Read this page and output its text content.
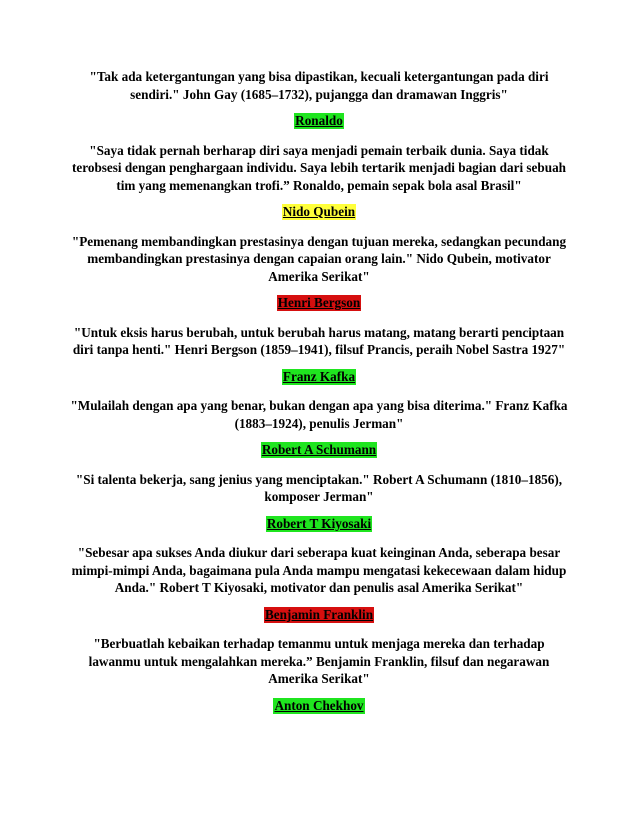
"Tak ada ketergantungan yang bisa dipastikan, kecuali ketergantungan pada diri sendiri." John Gay (1685–1732), pujangga dan dramawan Inggris"

Ronaldo

"Saya tidak pernah berharap diri saya menjadi pemain terbaik dunia. Saya tidak terobsesi dengan penghargaan individu. Saya lebih tertarik menjadi bagian dari sebuah tim yang memenangkan trofi.” Ronaldo, pemain sepak bola asal Brasil"

Nido Qubein

"Pemenang membandingkan prestasinya dengan tujuan mereka, sedangkan pecundang membandingkan prestasinya dengan capaian orang lain." Nido Qubein, motivator Amerika Serikat"

Henri Bergson

"Untuk eksis harus berubah, untuk berubah harus matang, matang berarti penciptaan diri tanpa henti." Henri Bergson (1859–1941), filsuf Prancis, peraih Nobel Sastra 1927"

Franz Kafka

"Mulailah dengan apa yang benar, bukan dengan apa yang bisa diterima." Franz Kafka (1883–1924), penulis Jerman"

Robert A Schumann

"Si talenta bekerja, sang jenius yang menciptakan." Robert A Schumann (1810–1856), komposer Jerman"

Robert T Kiyosaki

"Sebesar apa sukses Anda diukur dari seberapa kuat keinginan Anda, seberapa besar mimpi-mimpi Anda, bagaimana pula Anda mampu mengatasi kekecewaan dalam hidup Anda." Robert T Kiyosaki, motivator dan penulis asal Amerika Serikat"

Benjamin Franklin

"Berbuatlah kebaikan terhadap temanmu untuk menjaga mereka dan terhadap lawanmu untuk mengalahkan mereka.” Benjamin Franklin, filsuf dan negarawan Amerika Serikat"

Anton Chekhov
